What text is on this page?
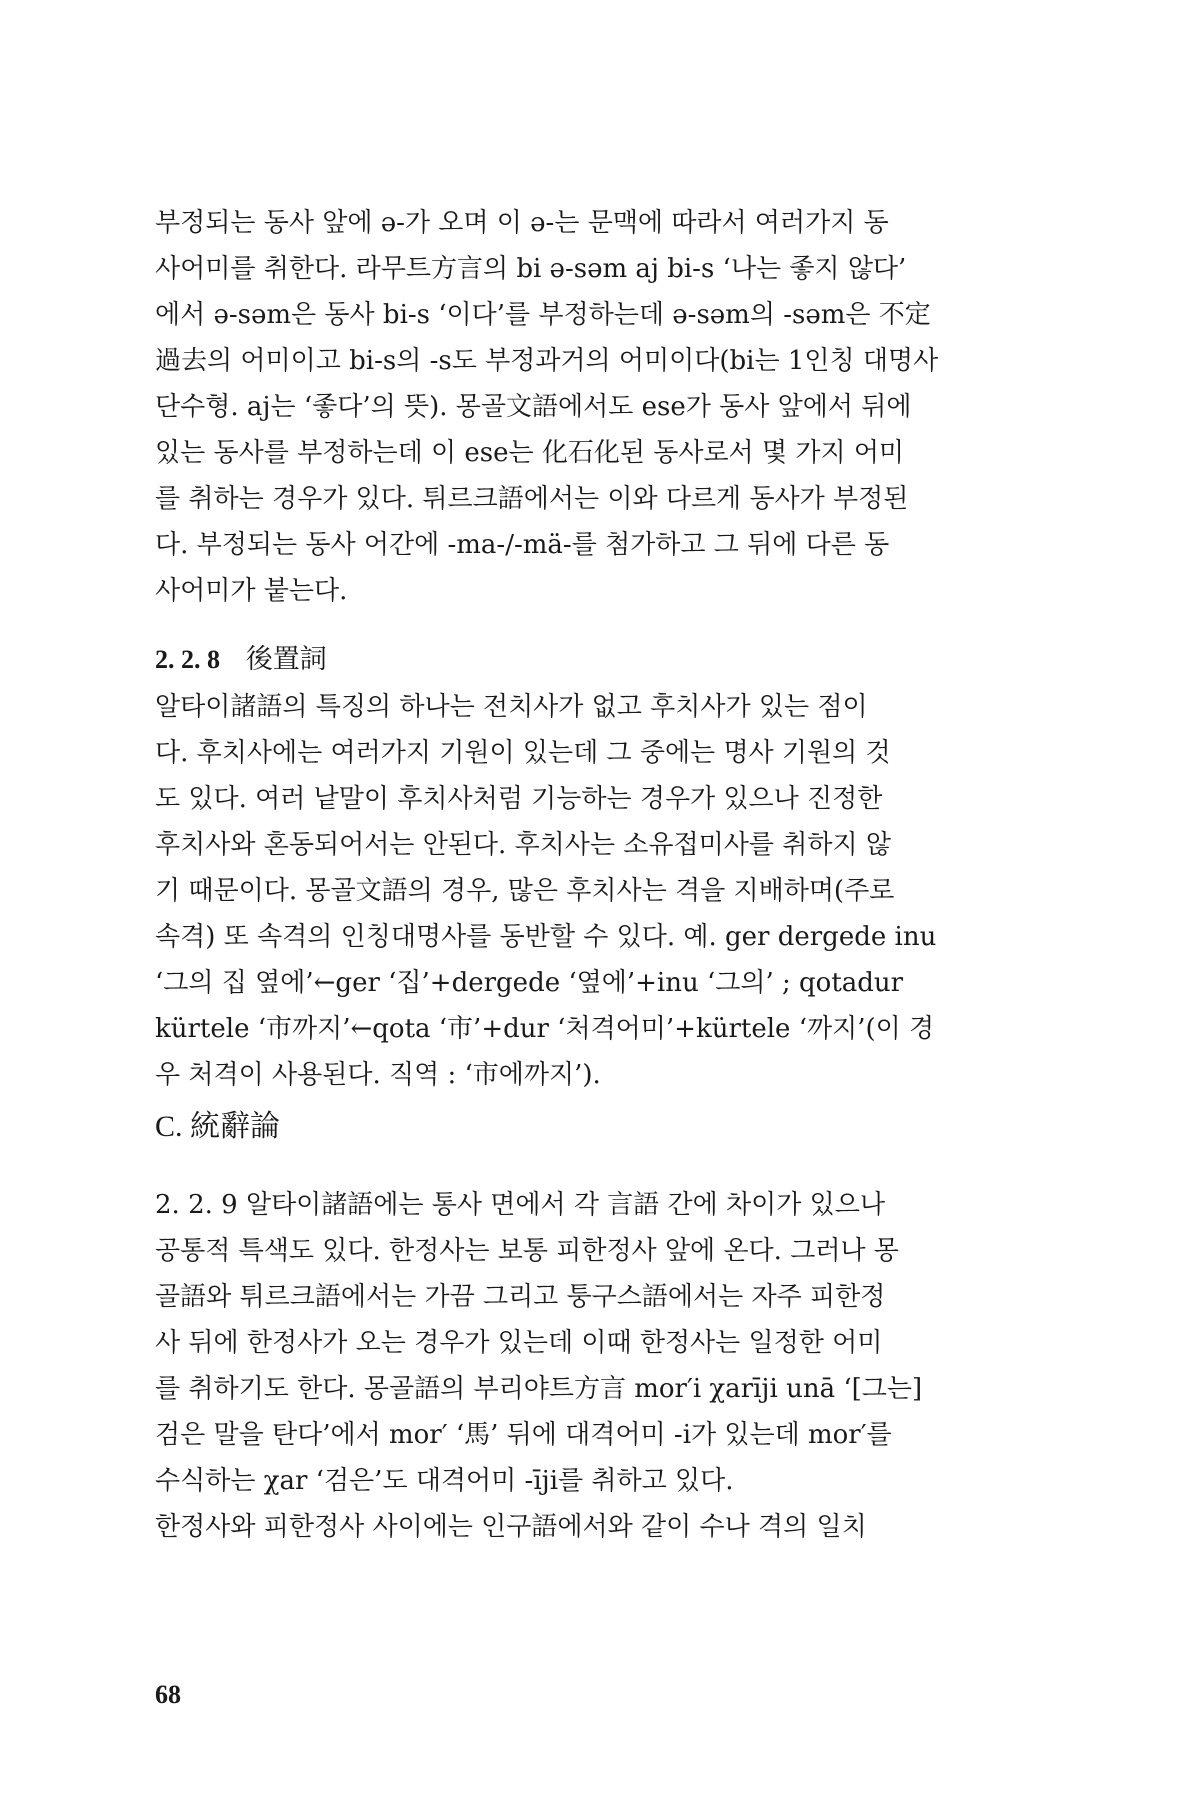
부정되는 동사 앞에 ə-가 오며 이 ə-는 문맥에 따라서 여러가지 동
사어미를 취한다. 라무트方言의 bi ə-səm aj bi-s ‘나는 좋지 않다’
에서 ə-səm은 동사 bi-s ‘이다’를 부정하는데 ə-səm의 -səm은 不定
過去의 어미이고 bi-s의 -s도 부정과거의 어미이다(bi는 1인칭 대명사
단수형. aj는 ‘좋다’의 뜻). 몽골文語에서도 ese가 동사 앞에서 뒤에
있는 동사를 부정하는데 이 ese는 化石化된 동사로서 몇 가지 어미
를 취하는 경우가 있다. 튀르크語에서는 이와 다르게 동사가 부정된
다. 부정되는 동사 어간에 -ma-/-mä-를 첨가하고 그 뒤에 다른 동
사어미가 붙는다.
2. 2. 8 後置詞
알타이諸語의 특징의 하나는 전치사가 없고 후치사가 있는 점이
다. 후치사에는 여러가지 기원이 있는데 그 중에는 명사 기원의 것
도 있다. 여러 낱말이 후치사처럼 기능하는 경우가 있으나 진정한
후치사와 혼동되어서는 안된다. 후치사는 소유접미사를 취하지 않
기 때문이다. 몽골文語의 경우, 많은 후치사는 격을 지배하며(주로
속격) 또 속격의 인칭대명사를 동반할 수 있다. 예. ger dergede inu
‘그의 집 옆에’←ger ‘집’+dergede ‘옆에’+inu ‘그의’ ; qotadur
kürtele ‘市까지’←qota ‘市’+dur ‘처격어미’+kürtele ‘까지’(이 경
우 처격이 사용된다. 직역 : ‘市에까지’).
C. 統辭論
2. 2. 9 알타이諸語에는 통사 면에서 각 言語 간에 차이가 있으나
공통적 특색도 있다. 한정사는 보통 피한정사 앞에 온다. 그러나 몽
골語와 튀르크語에서는 가끔 그리고 퉁구스語에서는 자주 피한정
사 뒤에 한정사가 오는 경우가 있는데 이때 한정사는 일정한 어미
를 취하기도 한다. 몽골語의 부리야트方言 mor′i χarīji unā ‘[그는]
검은 말을 탄다’에서 mor′ ‘馬’ 뒤에 대격어미 -i가 있는데 mor′를
수식하는 χar ‘검은’도 대격어미 -īji를 취하고 있다.
한정사와 피한정사 사이에는 인구語에서와 같이 수나 격의 일치
68
